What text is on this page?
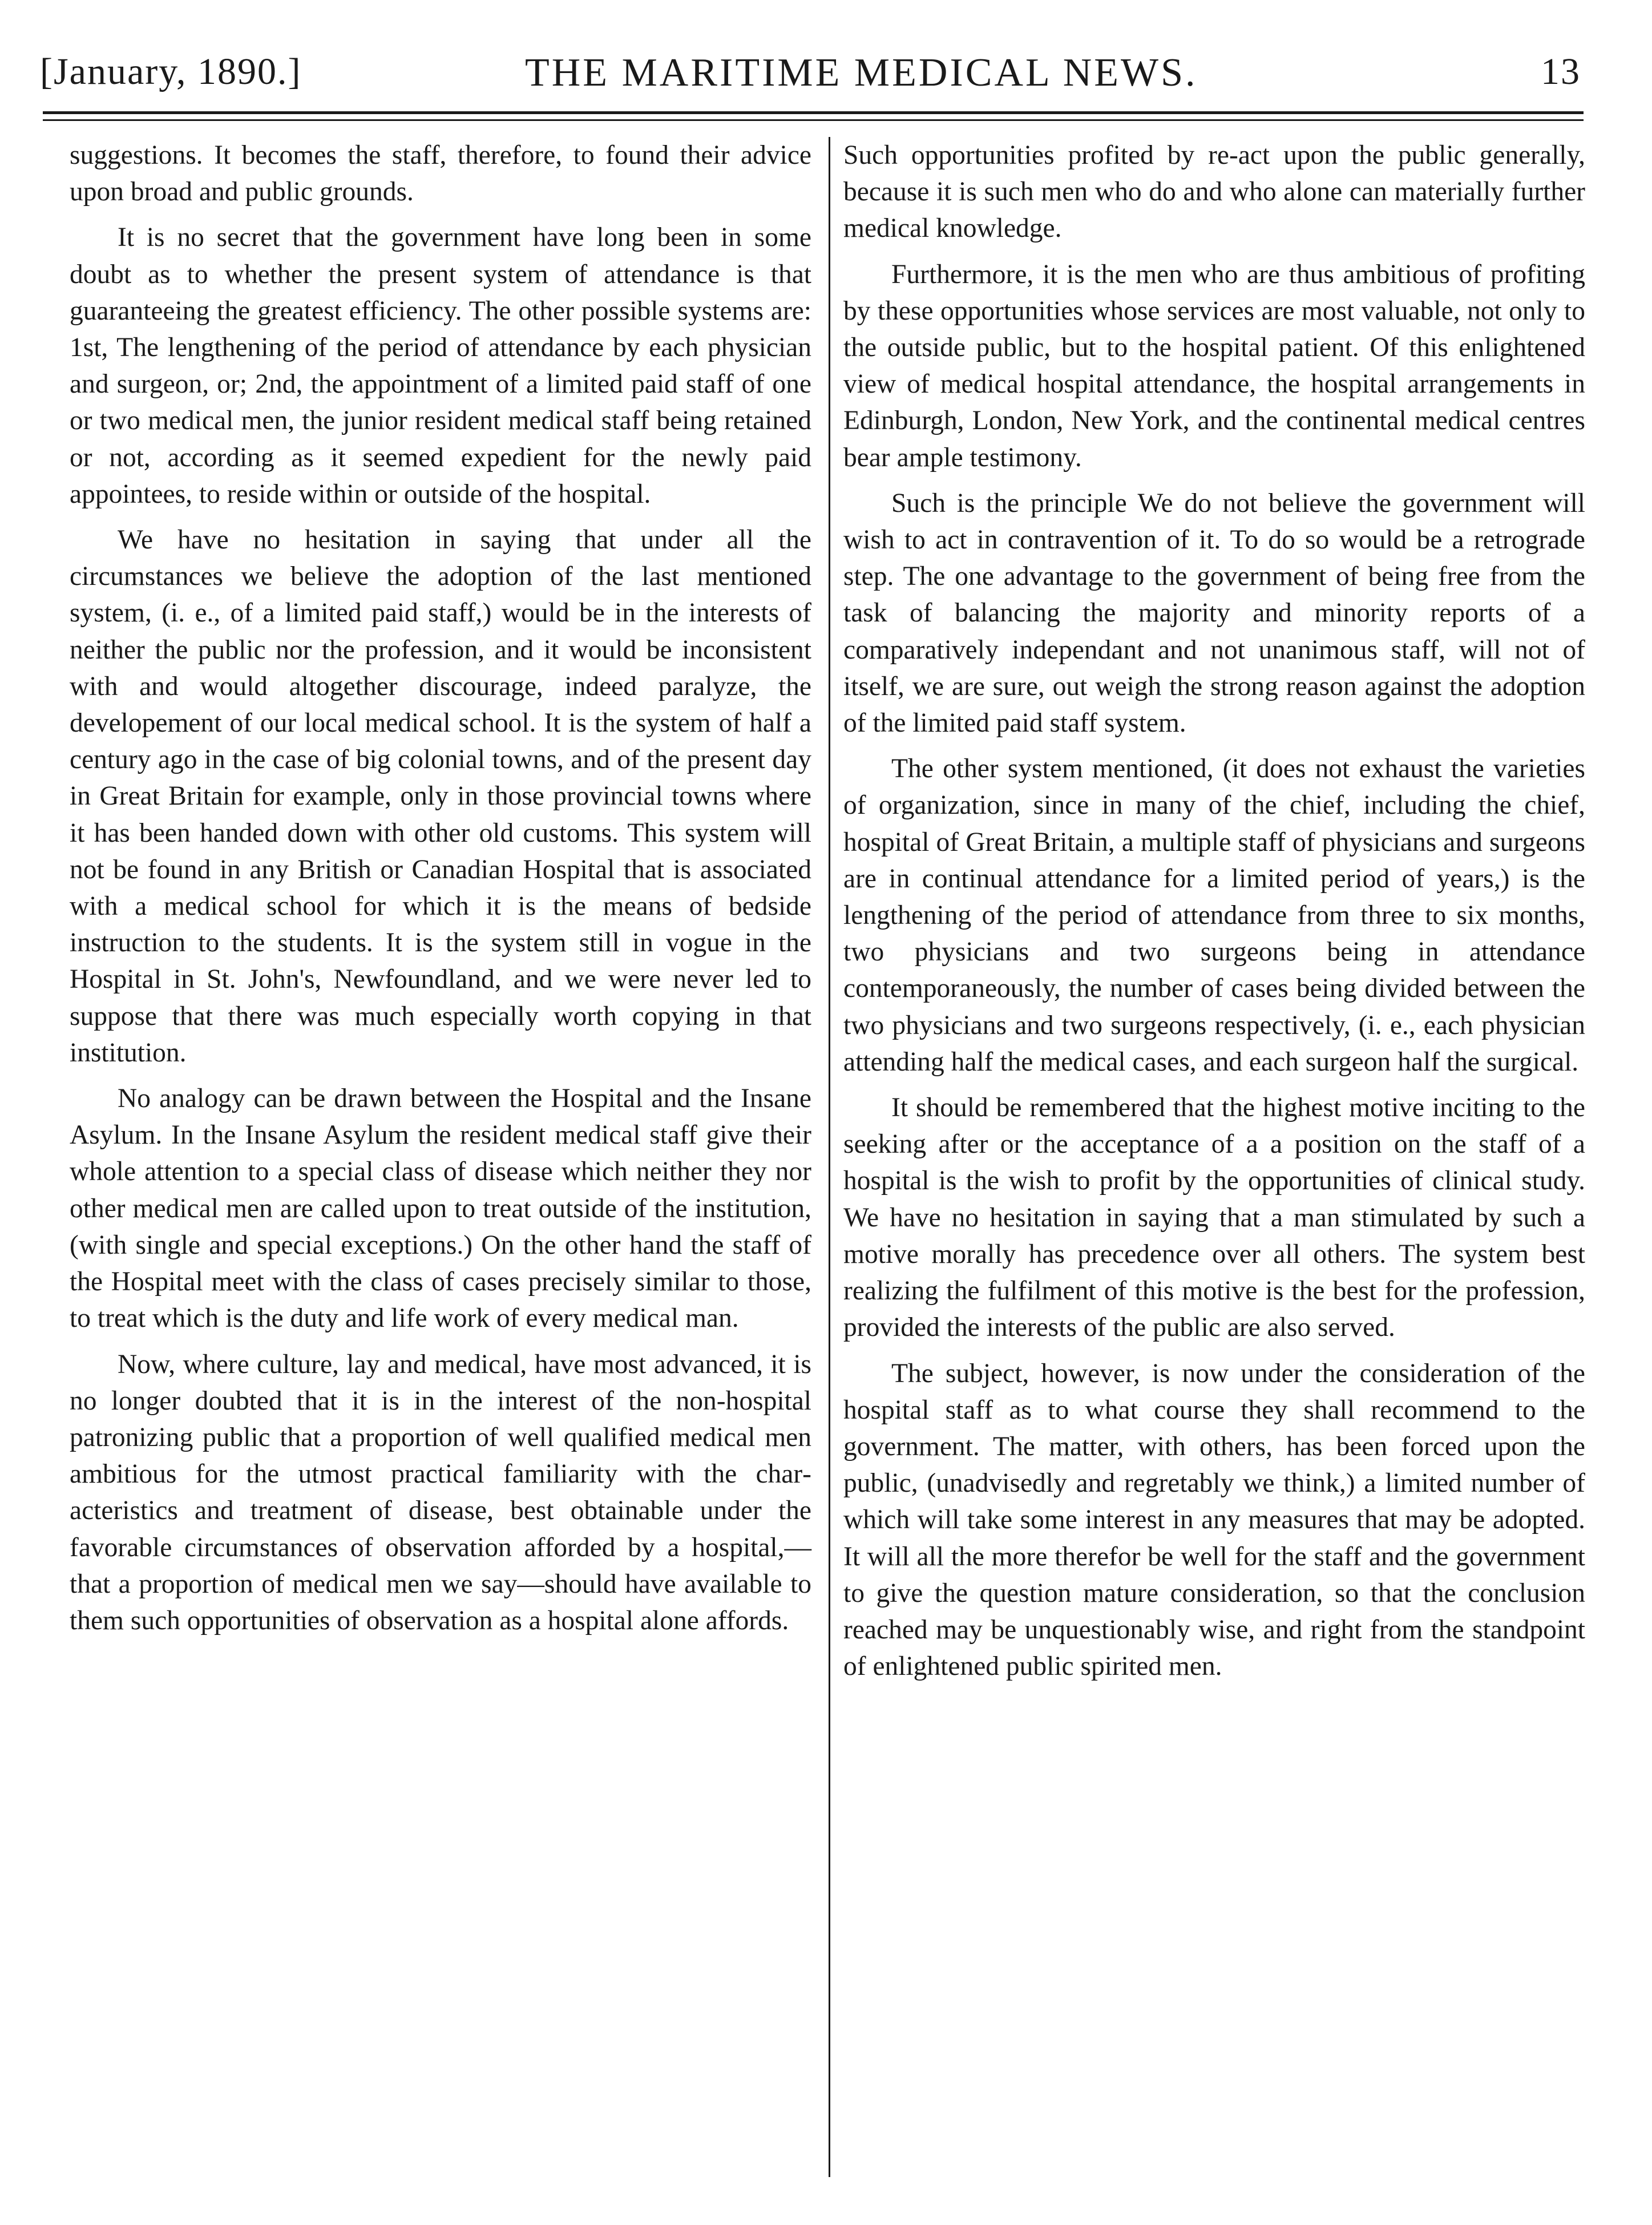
[January, 1890.]	THE MARITIME MEDICAL NEWS.	13

suggestions. It becomes the staff, therefore, to found their advice upon broad and public grounds.

It is no secret that the government have long been in some doubt as to whether the present system of attendance is that guaranteeing the greatest efficiency. The other possible systems are: 1st, The lengthening of the period of attendance by each physician and surgeon, or; 2nd, the appointment of a limited paid staff of one or two medical men, the junior resident medical staff being retained or not, according as it seemed expedient for the newly paid appointees, to reside within or outside of the hospital.

We have no hesitation in saying that under all the circumstances we believe the adoption of the last mentioned system, (i. e., of a limited paid staff,) would be in the interests of neither the public nor the profession, and it would be inconsistent with and would altogether discourage, indeed paralyze, the developement of our local medical school. It is the system of half a century ago in the case of big colonial towns, and of the present day in Great Britain for example, only in those provincial towns where it has been handed down with other old customs. This system will not be found in any British or Canadian Hospital that is associated with a medical school for which it is the means of bedside instruction to the students. It is the system still in vogue in the Hospital in St. John's, Newfoundland, and we were never led to suppose that there was much especially worth copying in that institution.

No analogy can be drawn between the Hospital and the Insane Asylum. In the Insane Asylum the resident medical staff give their whole attention to a special class of disease which neither they nor other medical men are called upon to treat outside of the institution, (with single and special exceptions.) On the other hand the staff of the Hospital meet with the class of cases precisely similar to those, to treat which is the duty and life work of every medical man.

Now, where culture, lay and medical, have most advanced, it is no longer doubted that it is in the interest of the non-hospital patronizing public that a proportion of well qualified medical men ambitious for the utmost practical familiarity with the characteristics and treatment of disease, best obtainable under the favorable circumstances of observation afforded by a hospital,—that a proportion of medical men we say—should have available to them such opportunities of observation as a hospital alone affords.

Such opportunities profited by re-act upon the public generally, because it is such men who do and who alone can materially further medical knowledge.

Furthermore, it is the men who are thus ambitious of profiting by these opportunities whose services are most valuable, not only to the outside public, but to the hospital patient. Of this enlightened view of medical hospital attendance, the hospital arrangements in Edinburgh, London, New York, and the continental medical centres bear ample testimony.

Such is the principle We do not believe the government will wish to act in contravention of it. To do so would be a retrograde step. The one advantage to the government of being free from the task of balancing the majority and minority reports of a comparatively independant and not unanimous staff, will not of itself, we are sure, out weigh the strong reason against the adoption of the limited paid staff system.

The other system mentioned, (it does not exhaust the varieties of organization, since in many of the chief, including the chief, hospital of Great Britain, a multiple staff of physicians and surgeons are in continual attendance for a limited period of years,) is the lengthening of the period of attendance from three to six months, two physicians and two surgeons being in attendance contemporaneously, the number of cases being divided between the two physicians and two surgeons respectively, (i. e., each physician attending half the medical cases, and each surgeon half the surgical.

It should be remembered that the highest motive inciting to the seeking after or the acceptance of a a position on the staff of a hospital is the wish to profit by the opportunities of clinical study. We have no hesitation in saying that a man stimulated by such a motive morally has precedence over all others. The system best realizing the fulfilment of this motive is the best for the profession, provided the interests of the public are also served.

The subject, however, is now under the consideration of the hospital staff as to what course they shall recommend to the government. The matter, with others, has been forced upon the public, (unadvisedly and regretably we think,) a limited number of which will take some interest in any measures that may be adopted. It will all the more therefor be well for the staff and the government to give the question mature consideration, so that the conclusion reached may be unquestionably wise, and right from the standpoint of enlightened public spirited men.
